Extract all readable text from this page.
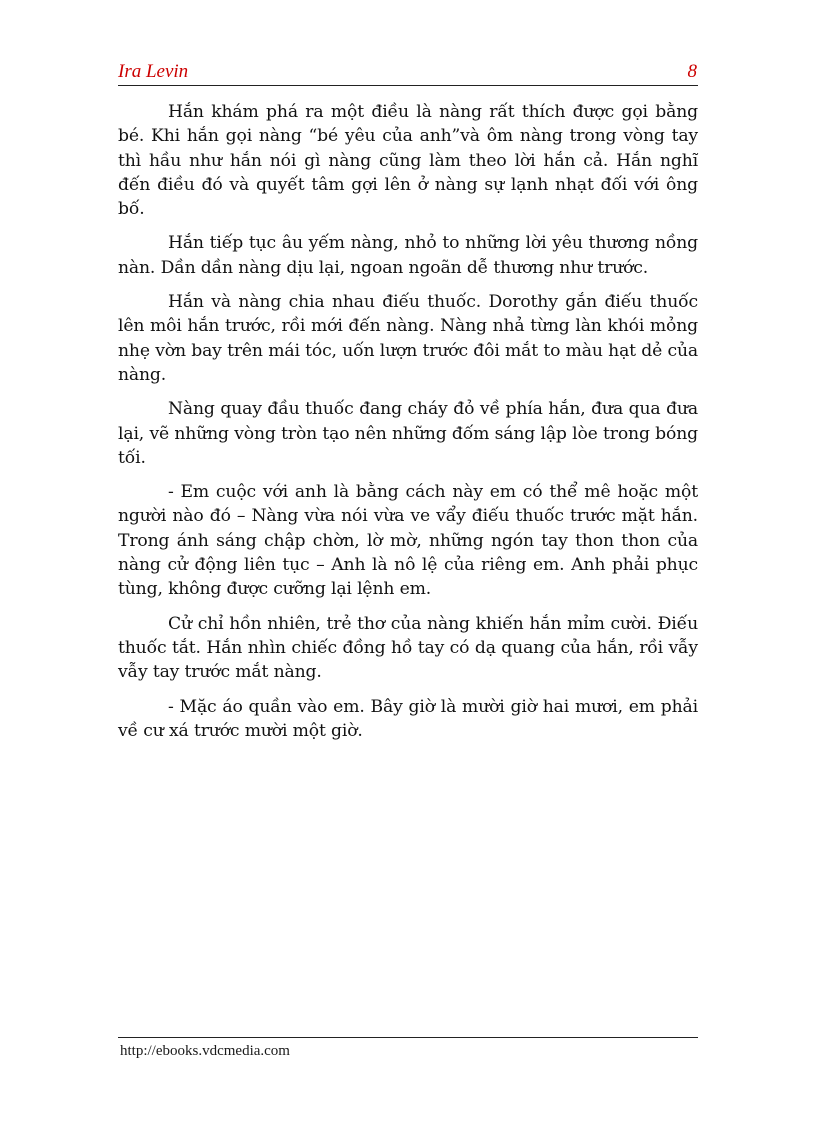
Ira Levin	8

Hắn khám phá ra một điều là nàng rất thích được gọi bằng bé. Khi hắn gọi nàng “bé yêu của anh”và ôm nàng trong vòng tay thì hầu như hắn nói gì nàng cũng làm theo lời hắn cả. Hắn nghĩ đến điều đó và quyết tâm gợi lên ở nàng sự lạnh nhạt đối với ông bố.

Hắn tiếp tục âu yếm nàng, nhỏ to những lời yêu thương nồng nàn. Dần dần nàng dịu lại, ngoan ngoãn dễ thương như trước.

Hắn và nàng chia nhau điếu thuốc. Dorothy gắn điếu thuốc lên môi hắn trước, rồi mới đến nàng. Nàng nhả từng làn khói mỏng nhẹ vờn bay trên mái tóc, uốn lượn trước đôi mắt to màu hạt dẻ của nàng.

Nàng quay đầu thuốc đang cháy đỏ về phía hắn, đưa qua đưa lại, vẽ những vòng tròn tạo nên những đốm sáng lập lòe trong bóng tối.

- Em cuộc với anh là bằng cách này em có thể mê hoặc một người nào đó – Nàng vừa nói vừa ve vẩy điếu thuốc trước mặt hắn. Trong ánh sáng chập chờn, lờ mờ, những ngón tay thon thon của nàng cử động liên tục – Anh là nô lệ của riêng em. Anh phải phục tùng, không được cưỡng lại lệnh em.

Cử chỉ hồn nhiên, trẻ thơ của nàng khiến hắn mỉm cười. Điếu thuốc tắt. Hắn nhìn chiếc đồng hồ tay có dạ quang của hắn, rồi vẫy vẫy tay trước mắt nàng.

- Mặc áo quần vào em. Bây giờ là mười giờ hai mươi, em phải về cư xá trước mười một giờ.

http://ebooks.vdcmedia.com
